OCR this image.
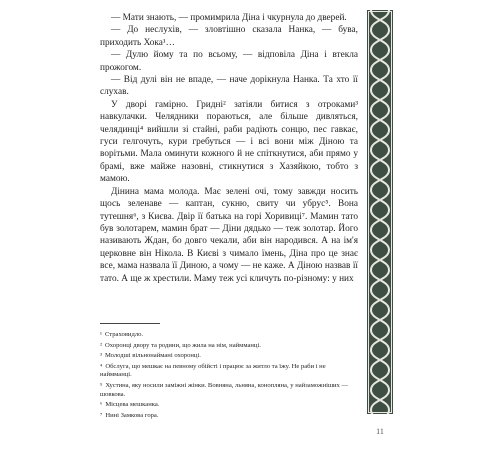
— Мати знають, — промимрила Діна і чкурнула до дверей.

— До неслухів, — зловтішно сказала Нанка, — бува, приходить Хока¹…

— Дулю йому та по всьому, — відповіла Діна і втекла прожогом.

— Від дулі він не впаде, — наче дорікнула Нанка. Та хто її слухав.

У дворі гамірно. Гридні² затіяли битися з отроками³ навкулачки. Челядники пораються, але більше дивляться, челядинці⁴ вийшли зі стайні, раби радіють сонцю, пес гавкає, гуси гелгочуть, кури гребуться — і всі вони між Діною та ворітьми. Мала оминути кожного й не спіткнутися, аби прямо у брамі, вже майже назовні, стикнутися з Хазяйкою, тобто з мамою.

Дінина мама молода. Має зелені очі, тому завжди носить щось зеленаве — каптан, сукню, свиту чи убрус⁵. Вона тутешня⁶, з Києва. Двір її батька на горі Хоривиці⁷. Мамин тато був золотарем, мамин брат — Діни дядько — теж золотар. Його називають Ждан, бо довго чекали, аби він народився. А на ім'я церковне він Нікола. В Києві з чималo їмень, Діна про це знає все, мама назвала її Диною, а чому — не каже. А Діною назвав її тато. А ще ж хрестили. Маму теж усі кличуть по-різному: у них

¹ Страховидло.

² Охоронці двору та родини, що жила на нім, наймманці.

³ Молодші вільнонаймані охоронці.

⁴ Обслуга, що мешкає на певному обійсті і працює за житло та їжу. Не раби і не наймманці.

⁵ Хустина, яку носили заміжні жінки. Вовняна, льняна, конопляна, у найзаможніших — шовкова.

⁶ Місцева мешканка.

⁷ Нині Замкова гора.

11
